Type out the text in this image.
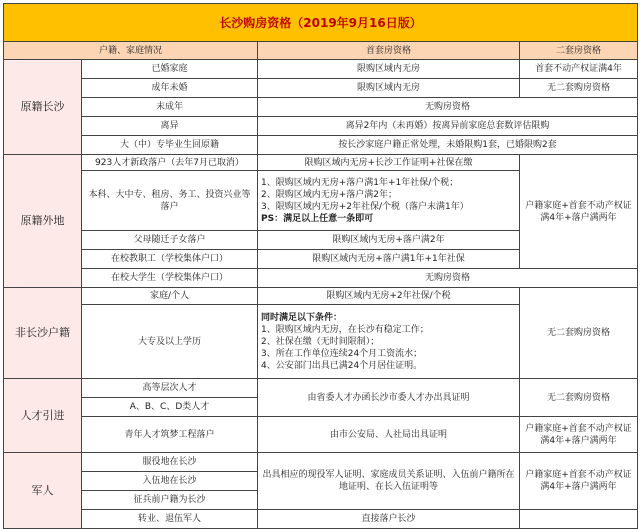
长沙购房资格（2019年9月16日版）			
户籍、家庭情况		首套房资格	二套房资格
原籍长沙	已婚家庭	限购区域内无房	首套不动产权证满4年
	成年未婚	限购区域内无房	无二套购房资格
	未成年	无购房资格	
	离异	离异2年内（未再婚）按离异前家庭总套数评估限购	
	大（中）专毕业生回原籍	按长沙家庭户籍正常处理，未婚限购1套，已婚限购2套	
原籍外地	923人才新政落户（去年7月已取消）	限购区域内无房+长沙工作证明+社保在缴	户籍家庭+首套不动产权证满4年+落户满两年
	本科、大中专、租房、务工、投资兴业等落户	1、限购区域内无房+落户满1年+1年社保/个税；
2、限购区域内无房+落户满2年；
3、限购区域内无房+2年社保/个税（落户未满1年）
PS：满足以上任意一条即可	

	父母随迁子女落户	限购区域内无房+落户满2年	
	在校教职工（学校集体户口）	限购区域内无房+落户满1年+1年社保	
	在校大学生（学校集体户口）	无购房资格	
非长沙户籍	家庭/个人	限购区域内无房+2年社保/个税	无二套购房资格
	大专及以上学历	同时满足以下条件：
1、限购区域内无房，在长沙有稳定工作；
2、社保在缴（无时间限制）；
3、所在工作单位连续24个月工资流水；
4、公安部门出具已满24个月居住证明。	

人才引进	高等层次人才	由省委人才办函长沙市委人才办出具证明	无二套购房资格
	A、B、C、D类人才		
	青年人才筑梦工程落户	由市公安局、人社局出具证明	户籍家庭+首套不动产权证满4年+落户满两年
军人	服役地在长沙	出具相应的现役军人证明、家庭成员关系证明、入伍前户籍所在地证明、在长入伍证明等	户籍家庭+首套不动产权证满4年+落户满两年
	入伍地在长沙		
	征兵前户籍为长沙		
	转业、退伍军人	直接落户长沙	
